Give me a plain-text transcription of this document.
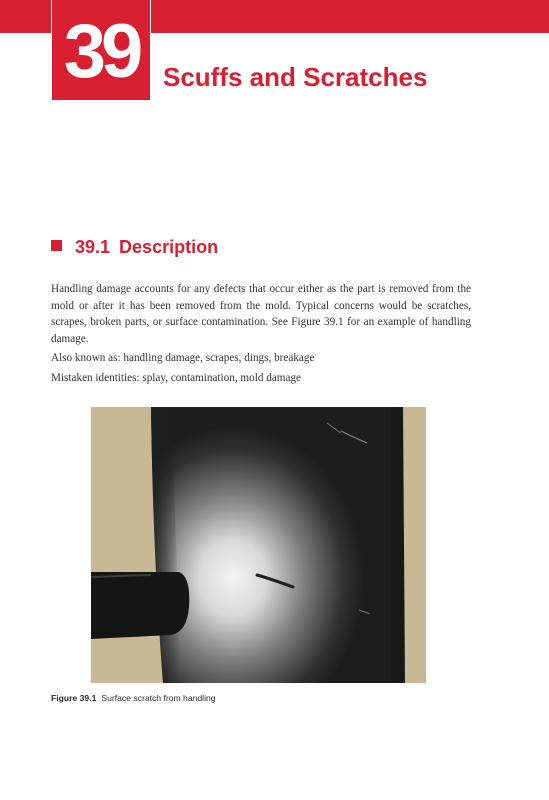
39 Scuffs and Scratches
39.1 Description

Handling damage accounts for any defects that occur either as the part is removed from the mold or after it has been removed from the mold. Typical concerns would be scratches, scrapes, broken parts, or surface contamination. See Figure 39.1 for an example of handling damage.

Also known as: handling damage, scrapes, dings, breakage

Mistaken identities: splay, contamination, mold damage

Figure 39.1 Surface scratch from handling
